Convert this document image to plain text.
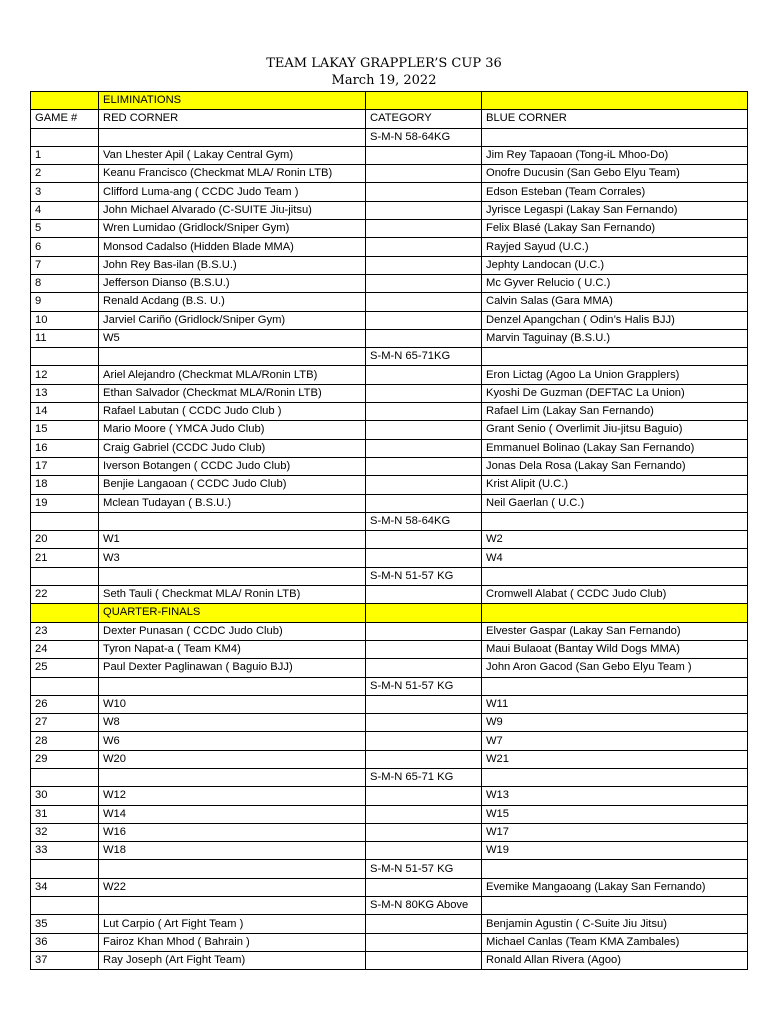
TEAM LAKAY GRAPPLER’S CUP 36
March 19, 2022
	ELIMINATIONS		
GAME #	RED CORNER	CATEGORY	BLUE CORNER
		S-M-N 58-64KG	
1	Van Lhester Apil ( Lakay Central Gym)		Jim Rey Tapaoan (Tong-iL Mhoo-Do)
2	Keanu Francisco (Checkmat MLA/ Ronin LTB)		Onofre Ducusin (San Gebo Elyu Team)
3	Clifford Luma-ang ( CCDC Judo Team )		Edson Esteban (Team Corrales)
4	John Michael Alvarado (C-SUITE Jiu-jitsu)		Jyrisce Legaspi (Lakay San Fernando)
5	Wren Lumidao (Gridlock/Sniper Gym)		Felix Blasé (Lakay San Fernando)
6	Monsod Cadalso (Hidden Blade MMA)		Rayjed Sayud (U.C.)
7	John Rey Bas-ilan (B.S.U.)		Jephty Landocan (U.C.)
8	Jefferson Dianso (B.S.U.)		Mc Gyver Relucio ( U.C.)
9	Renald Acdang (B.S. U.)		Calvin Salas (Gara MMA)
10	Jarviel Cariño (Gridlock/Sniper Gym)		Denzel Apangchan ( Odin’s Halis BJJ)
11	W5		Marvin Taguinay (B.S.U.)
		S-M-N 65-71KG	
12	Ariel Alejandro (Checkmat MLA/Ronin LTB)		Eron Lictag (Agoo La Union Grapplers)
13	Ethan Salvador (Checkmat MLA/Ronin LTB)		Kyoshi De Guzman (DEFTAC La Union)
14	Rafael Labutan ( CCDC Judo Club )		Rafael Lim (Lakay San Fernando)
15	Mario Moore ( YMCA Judo Club)		Grant Senio ( Overlimit Jiu-jitsu Baguio)
16	Craig Gabriel (CCDC Judo Club)		Emmanuel Bolinao (Lakay San Fernando)
17	Iverson Botangen ( CCDC Judo Club)		Jonas Dela Rosa (Lakay San Fernando)
18	Benjie Langaoan ( CCDC Judo Club)		Krist Alipit (U.C.)
19	Mclean Tudayan ( B.S.U.)		Neil Gaerlan ( U.C.)
		S-M-N 58-64KG	
20	W1		W2
21	W3		W4
		S-M-N 51-57 KG	
22	Seth Tauli ( Checkmat MLA/ Ronin LTB)		Cromwell Alabat ( CCDC Judo Club)
	QUARTER-FINALS		
23	Dexter Punasan ( CCDC Judo Club)		Elvester Gaspar (Lakay San Fernando)
24	Tyron Napat-a ( Team KM4)		Maui Bulaoat (Bantay Wild Dogs MMA)
25	Paul Dexter Paglinawan ( Baguio BJJ)		John Aron Gacod (San Gebo Elyu Team )
		S-M-N 51-57 KG	
26	W10		W11
27	W8		W9
28	W6		W7
29	W20		W21
		S-M-N 65-71 KG	
30	W12		W13
31	W14		W15
32	W16		W17
33	W18		W19
		S-M-N 51-57 KG	
34	W22		Evemike Mangaoang (Lakay San Fernando)
		S-M-N 80KG Above	
35	Lut Carpio ( Art Fight Team )		Benjamin Agustin ( C-Suite Jiu Jitsu)
36	Fairoz Khan Mhod ( Bahrain )		Michael Canlas (Team KMA Zambales)
37	Ray Joseph (Art Fight Team)		Ronald Allan Rivera (Agoo)
